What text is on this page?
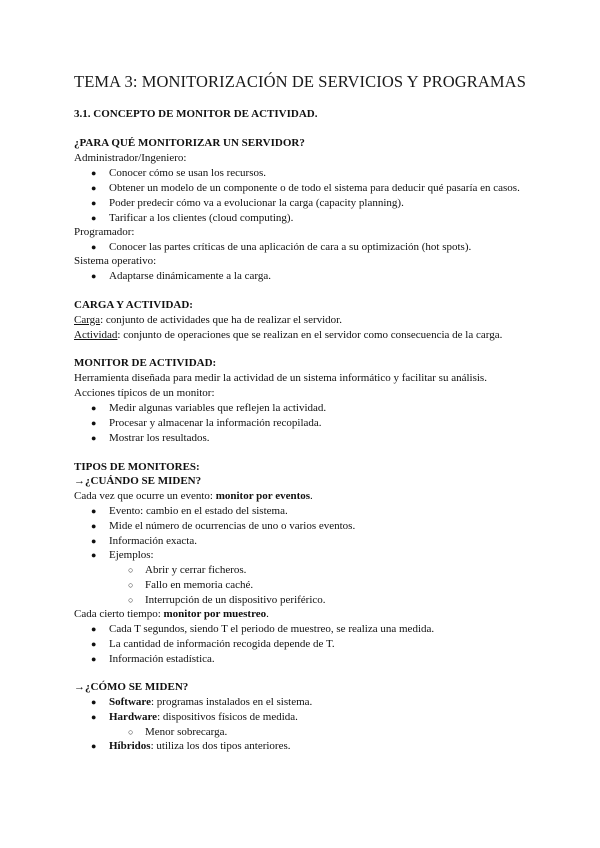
TEMA 3: MONITORIZACIÓN DE SERVICIOS Y PROGRAMAS
3.1. CONCEPTO DE MONITOR DE ACTIVIDAD.
¿PARA QUÉ MONITORIZAR UN SERVIDOR?
Administrador/Ingeniero:
● Conocer cómo se usan los recursos.
● Obtener un modelo de un componente o de todo el sistema para deducir qué pasaría en casos.
● Poder predecir cómo va a evolucionar la carga (capacity planning).
● Tarificar a los clientes (cloud computing).
Programador:
● Conocer las partes críticas de una aplicación de cara a su optimización (hot spots).
Sistema operativo:
● Adaptarse dinámicamente a la carga.
CARGA Y ACTIVIDAD:
Carga: conjunto de actividades que ha de realizar el servidor.
Actividad: conjunto de operaciones que se realizan en el servidor como consecuencia de la carga.
MONITOR DE ACTIVIDAD:
Herramienta diseñada para medir la actividad de un sistema informático y facilitar su análisis.
Acciones típicos de un monitor:
● Medir algunas variables que reflejen la actividad.
● Procesar y almacenar la información recopilada.
● Mostrar los resultados.
TIPOS DE MONITORES:
→¿CUÁNDO SE MIDEN?
Cada vez que ocurre un evento: monitor por eventos.
● Evento: cambio en el estado del sistema.
● Mide el número de ocurrencias de uno o varios eventos.
● Información exacta.
● Ejemplos:
○ Abrir y cerrar ficheros.
○ Fallo en memoria caché.
○ Interrupción de un dispositivo periférico.
Cada cierto tiempo: monitor por muestreo.
● Cada T segundos, siendo T el periodo de muestreo, se realiza una medida.
● La cantidad de información recogida depende de T.
● Información estadística.
→¿CÓMO SE MIDEN?
● Software: programas instalados en el sistema.
● Hardware: dispositivos físicos de medida.
○ Menor sobrecarga.
● Híbridos: utiliza los dos tipos anteriores.
